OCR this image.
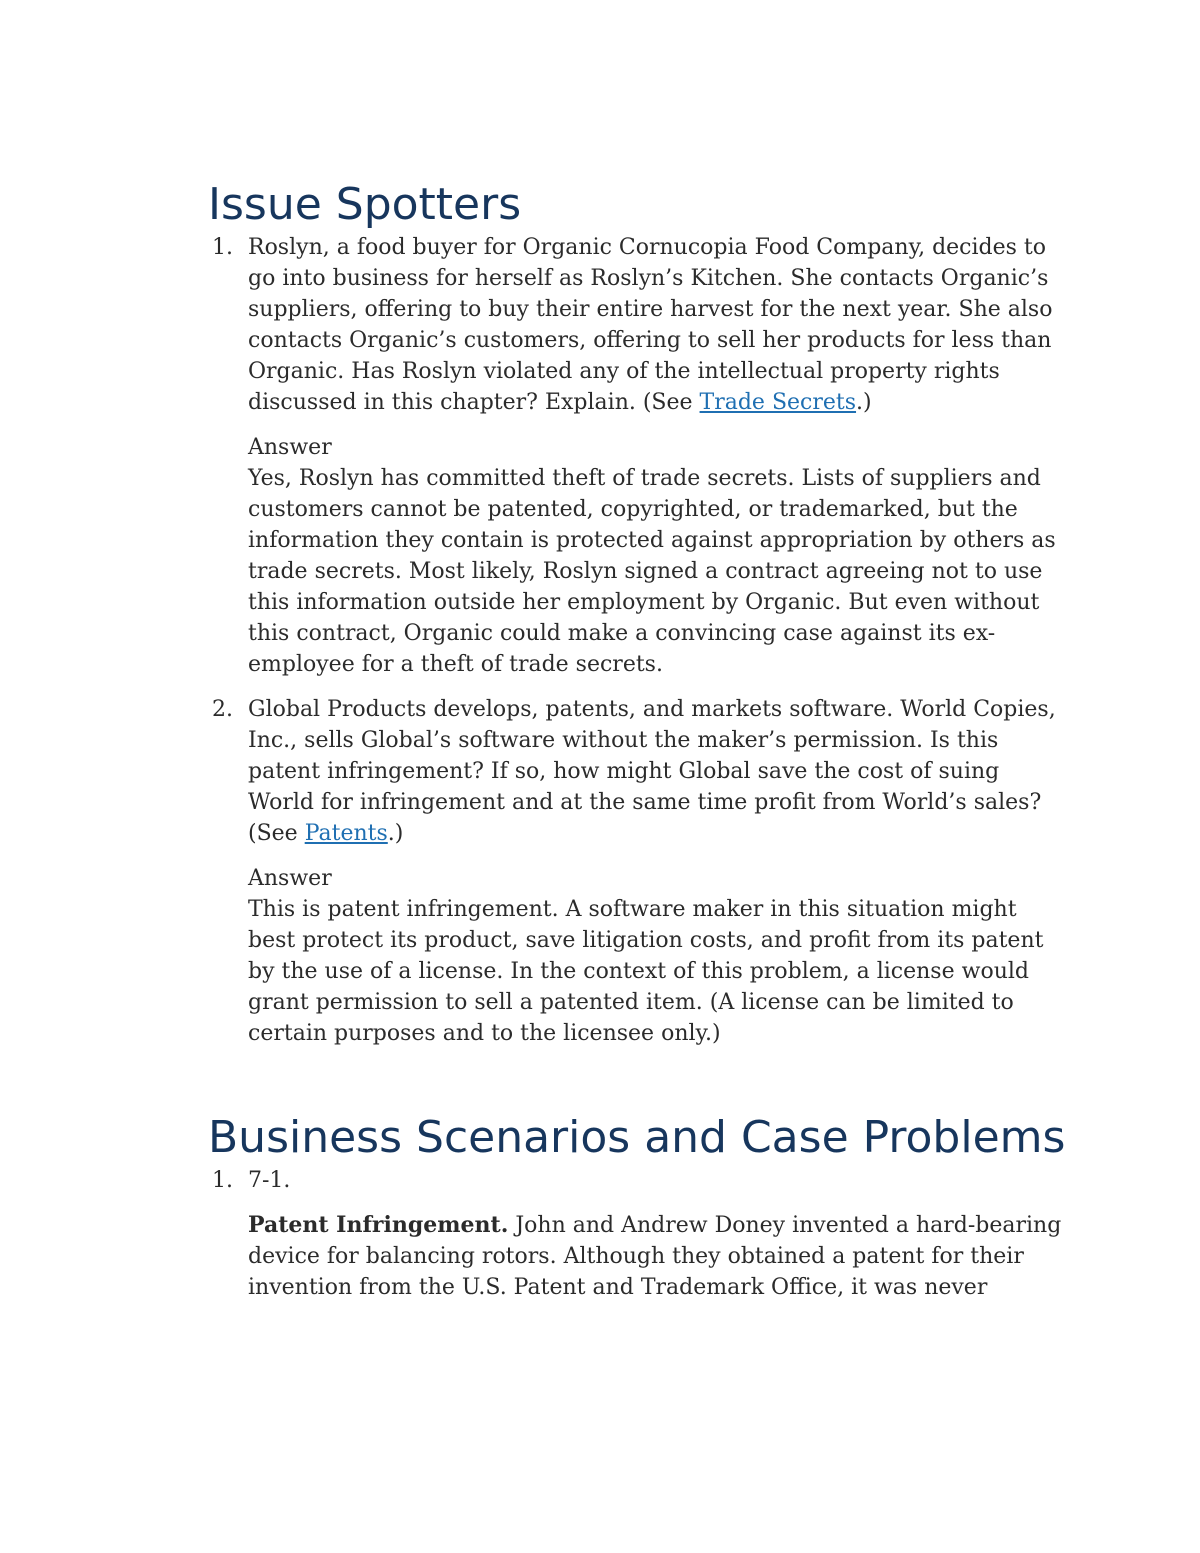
Issue Spotters
1. Roslyn, a food buyer for Organic Cornucopia Food Company, decides to go into business for herself as Roslyn’s Kitchen. She contacts Organic’s suppliers, offering to buy their entire harvest for the next year. She also contacts Organic’s customers, offering to sell her products for less than Organic. Has Roslyn violated any of the intellectual property rights discussed in this chapter? Explain. (See Trade Secrets.)

Answer
Yes, Roslyn has committed theft of trade secrets. Lists of suppliers and customers cannot be patented, copyrighted, or trademarked, but the information they contain is protected against appropriation by others as trade secrets. Most likely, Roslyn signed a contract agreeing not to use this information outside her employment by Organic. But even without this contract, Organic could make a convincing case against its ex-employee for a theft of trade secrets.

2. Global Products develops, patents, and markets software. World Copies, Inc., sells Global’s software without the maker’s permission. Is this patent infringement? If so, how might Global save the cost of suing World for infringement and at the same time profit from World’s sales? (See Patents.)

Answer
This is patent infringement. A software maker in this situation might best protect its product, save litigation costs, and profit from its patent by the use of a license. In the context of this problem, a license would grant permission to sell a patented item. (A license can be limited to certain purposes and to the licensee only.)

Business Scenarios and Case Problems
1. 7-1.

Patent Infringement. John and Andrew Doney invented a hard-bearing device for balancing rotors. Although they obtained a patent for their invention from the U.S. Patent and Trademark Office, it was never
